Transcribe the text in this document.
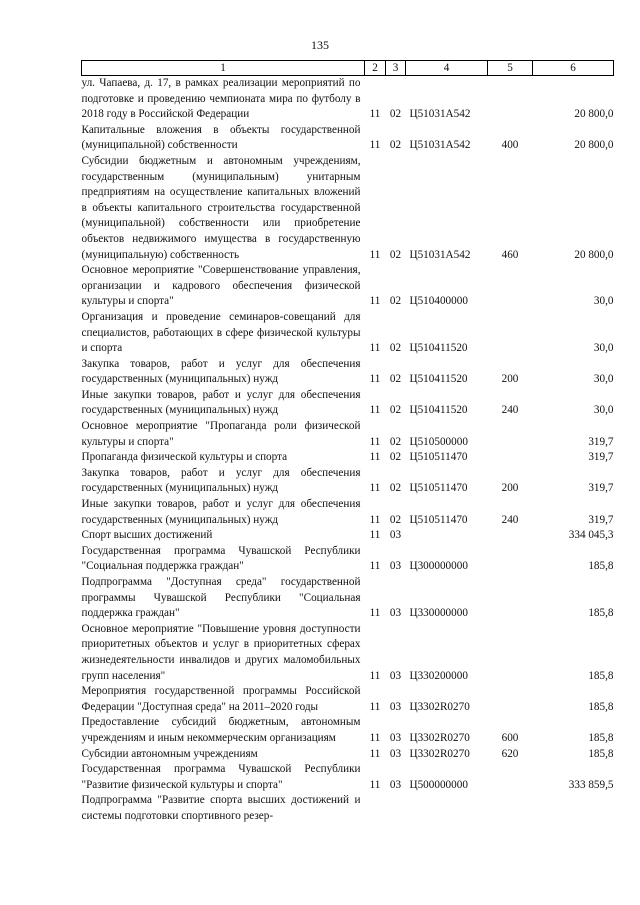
135
1	2	3	4	5	6
ул. Чапаева, д. 17, в рамках реализации мероприятий по подготовке и проведению чемпионата мира по футболу в 2018 году в Российской Федерации	11	02	Ц51031А542		20 800,0
Капитальные вложения в объекты государственной (муниципальной) собственности	11	02	Ц51031А542	400	20 800,0
Субсидии бюджетным и автономным учреждениям, государственным (муниципальным) унитарным предприятиям на осуществление капитальных вложений в объекты капитального строительства государственной (муниципальной) собственности или приобретение объектов недвижимого имущества в государственную (муниципальную) собственность	11	02	Ц51031А542	460	20 800,0
Основное мероприятие "Совершенствование управления, организации и кадрового обеспечения физической культуры и спорта"	11	02	Ц510400000		30,0
Организация и проведение семинаров-совещаний для специалистов, работающих в сфере физической культуры и спорта	11	02	Ц510411520		30,0
Закупка товаров, работ и услуг для обеспечения государственных (муниципальных) нужд	11	02	Ц510411520	200	30,0
Иные закупки товаров, работ и услуг для обеспечения государственных (муниципальных) нужд	11	02	Ц510411520	240	30,0
Основное мероприятие "Пропаганда роли физической культуры и спорта"	11	02	Ц510500000		319,7
Пропаганда физической культуры и спорта	11	02	Ц510511470		319,7
Закупка товаров, работ и услуг для обеспечения государственных (муниципальных) нужд	11	02	Ц510511470	200	319,7
Иные закупки товаров, работ и услуг для обеспечения государственных (муниципальных) нужд	11	02	Ц510511470	240	319,7
Спорт высших достижений	11	03			334 045,3
Государственная программа Чувашской Республики "Социальная поддержка граждан"	11	03	Ц300000000		185,8
Подпрограмма "Доступная среда" государственной программы Чувашской Республики "Социальная поддержка граждан"	11	03	Ц330000000		185,8
Основное мероприятие "Повышение уровня доступности приоритетных объектов и услуг в приоритетных сферах жизнедеятельности инвалидов и других маломобильных групп населения"	11	03	Ц330200000		185,8
Мероприятия государственной программы Российской Федерации "Доступная среда" на 2011–2020 годы	11	03	Ц3302R0270		185,8
Предоставление субсидий бюджетным, автономным учреждениям и иным некоммерческим организациям	11	03	Ц3302R0270	600	185,8
Субсидии автономным учреждениям	11	03	Ц3302R0270	620	185,8
Государственная программа Чувашской Республики "Развитие физической культуры и спорта"	11	03	Ц500000000		333 859,5
Подпрограмма "Развитие спорта высших достижений и системы подготовки спортивного резер-					
